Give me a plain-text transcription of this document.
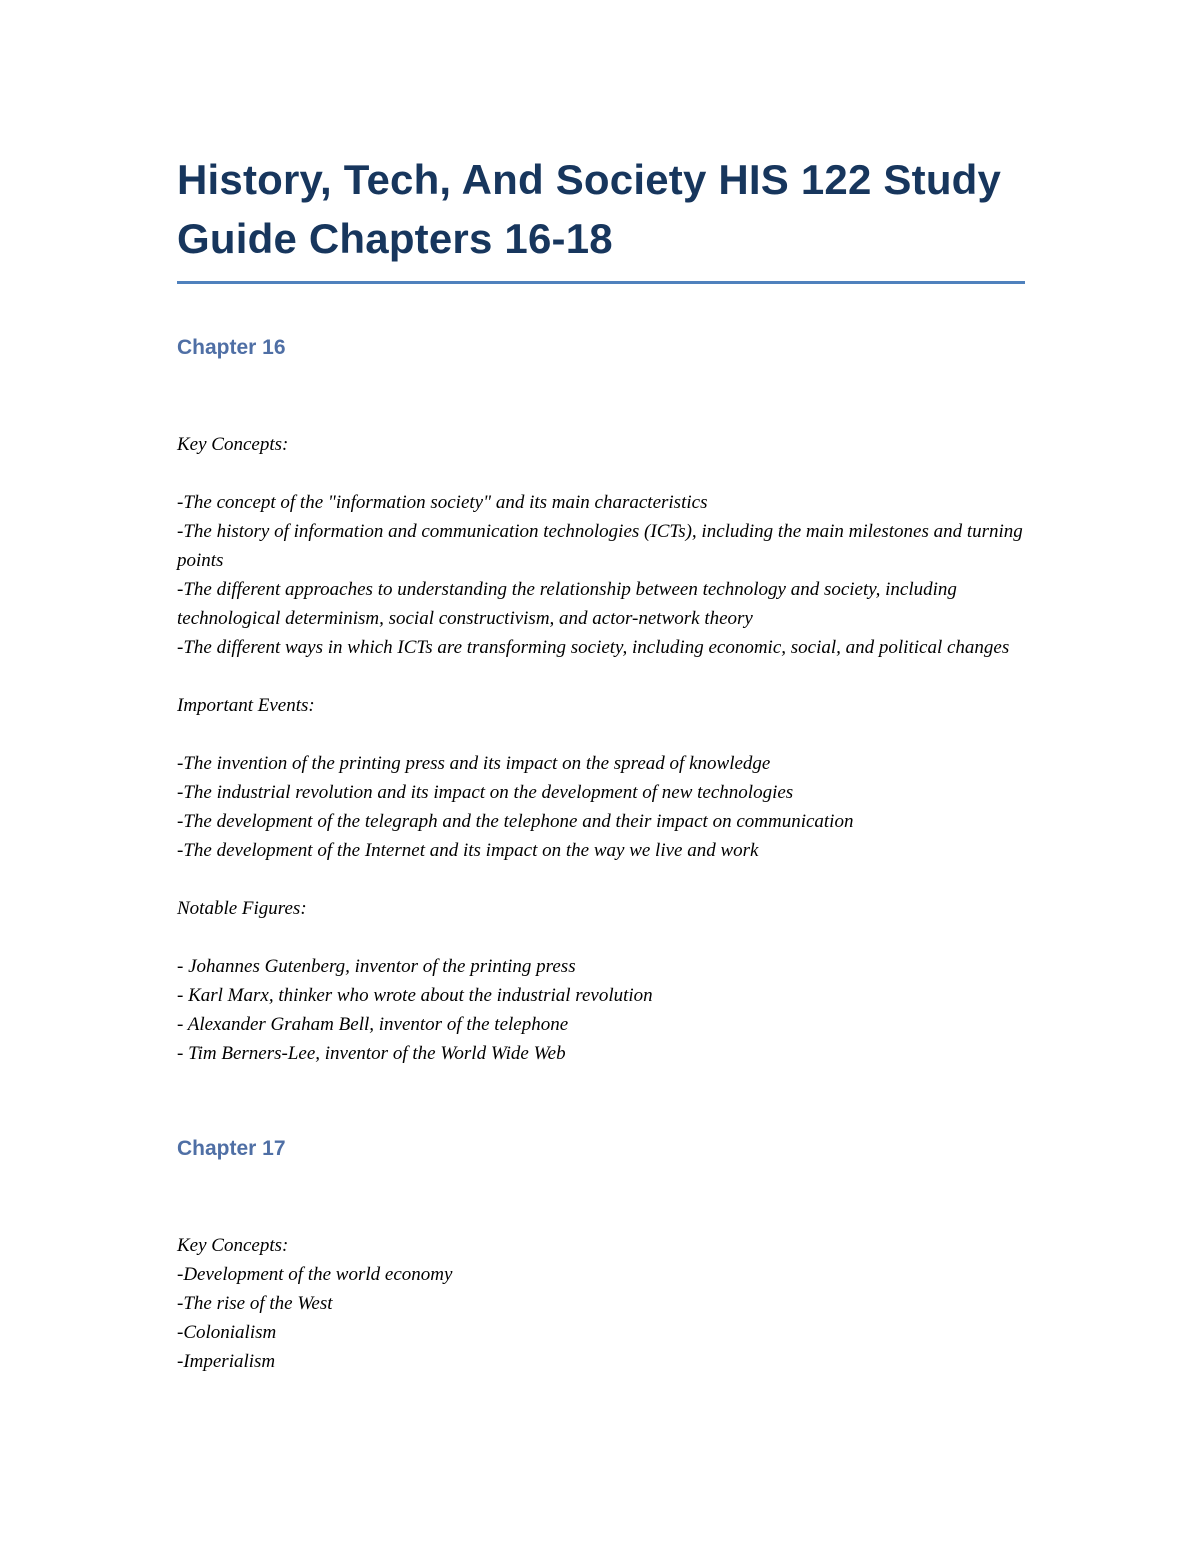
History, Tech, And Society HIS 122 Study Guide Chapters 16-18
Chapter 16

Key Concepts:

-The concept of the "information society" and its main characteristics

-The history of information and communication technologies (ICTs), including the main milestones and turning points

-The different approaches to understanding the relationship between technology and society, including technological determinism, social constructivism, and actor-network theory

-The different ways in which ICTs are transforming society, including economic, social, and political changes

Important Events:

-The invention of the printing press and its impact on the spread of knowledge

-The industrial revolution and its impact on the development of new technologies

-The development of the telegraph and the telephone and their impact on communication

-The development of the Internet and its impact on the way we live and work

Notable Figures:

- Johannes Gutenberg, inventor of the printing press

- Karl Marx, thinker who wrote about the industrial revolution

- Alexander Graham Bell, inventor of the telephone

- Tim Berners-Lee, inventor of the World Wide Web

Chapter 17

Key Concepts:

-Development of the world economy

-The rise of the West

-Colonialism

-Imperialism
